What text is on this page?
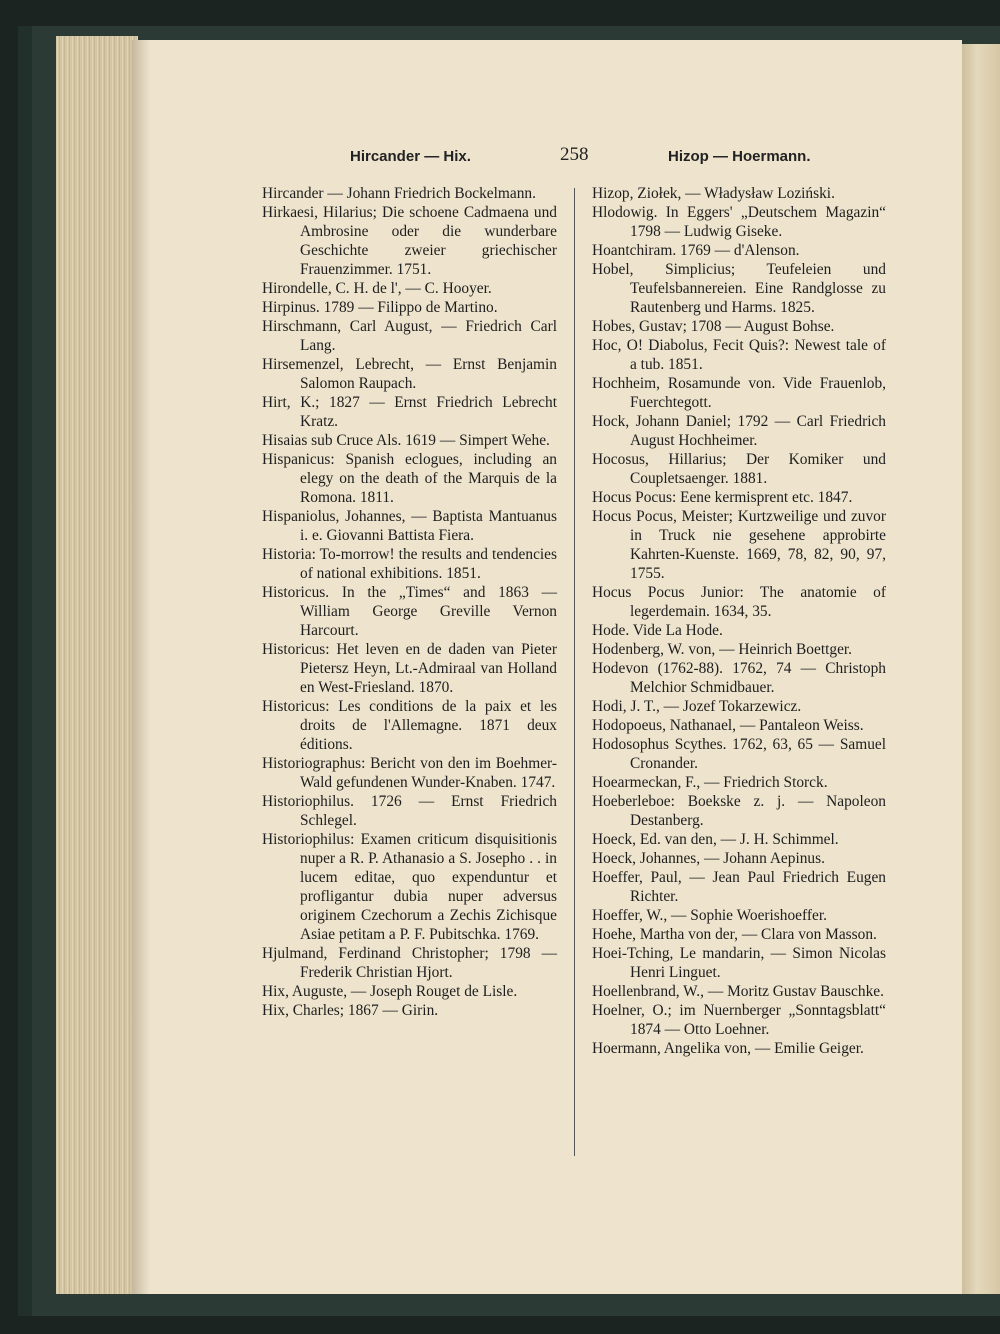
Hircander — Hix.	258	Hizop — Hoermann.
Hircander — Johann Friedrich Bockelmann.
Hirkaesi, Hilarius; Die schoene Cadmaena und Ambrosine oder die wunderbare Geschichte zweier griechischer Frauenzimmer. 1751.
Hirondelle, C. H. de l', — C. Hooyer.
Hirpinus. 1789 — Filippo de Martino.
Hirschmann, Carl August, — Friedrich Carl Lang.
Hirsemenzel, Lebrecht, — Ernst Benjamin Salomon Raupach.
Hirt, K.; 1827 — Ernst Friedrich Lebrecht Kratz.
Hisaias sub Cruce Als. 1619 — Simpert Wehe.
Hispanicus: Spanish eclogues, including an elegy on the death of the Marquis de la Romona. 1811.
Hispaniolus, Johannes, — Baptista Mantuanus i. e. Giovanni Battista Fiera.
Historia: To-morrow! the results and tendencies of national exhibitions. 1851.
Historicus. In the „Times“ and 1863 — William George Greville Vernon Harcourt.
Historicus: Het leven en de daden van Pieter Pietersz Heyn, Lt.-Admiraal van Holland en West-Friesland. 1870.
Historicus: Les conditions de la paix et les droits de l'Allemagne. 1871 deux éditions.
Historiographus: Bericht von den im Boehmer-Wald gefundenen Wunder-Knaben. 1747.
Historiophilus. 1726 — Ernst Friedrich Schlegel.
Historiophilus: Examen criticum disquisitionis nuper a R. P. Athanasio a S. Josepho . . in lucem editae, quo expenduntur et profligantur dubia nuper adversus originem Czechorum a Zechis Zichisque Asiae petitam a P. F. Pubitschka. 1769.
Hjulmand, Ferdinand Christopher; 1798 — Frederik Christian Hjort.
Hix, Auguste, — Joseph Rouget de Lisle.
Hix, Charles; 1867 — Girin.
Hizop, Ziołek, — Władysław Loziński.
Hlodowig. In Eggers' „Deutschem Magazin“ 1798 — Ludwig Giseke.
Hoantchiram. 1769 — d'Alenson.
Hobel, Simplicius; Teufeleien und Teufelsbannereien. Eine Randglosse zu Rautenberg und Harms. 1825.
Hobes, Gustav; 1708 — August Bohse.
Hoc, O! Diabolus, Fecit Quis?: Newest tale of a tub. 1851.
Hochheim, Rosamunde von. Vide Frauenlob, Fuerchtegott.
Hock, Johann Daniel; 1792 — Carl Friedrich August Hochheimer.
Hocosus, Hillarius; Der Komiker und Coupletsaenger. 1881.
Hocus Pocus: Eene kermisprent etc. 1847.
Hocus Pocus, Meister; Kurtzweilige und zuvor in Truck nie gesehene approbirte Kahrten-Kuenste. 1669, 78, 82, 90, 97, 1755.
Hocus Pocus Junior: The anatomie of legerdemain. 1634, 35.
Hode. Vide La Hode.
Hodenberg, W. von, — Heinrich Boettger.
Hodevon (1762-88). 1762, 74 — Christoph Melchior Schmidbauer.
Hodi, J. T., — Jozef Tokarzewicz.
Hodopoeus, Nathanael, — Pantaleon Weiss.
Hodosophus Scythes. 1762, 63, 65 — Samuel Cronander.
Hoearmeckan, F., — Friedrich Storck.
Hoeberleboe: Boekske z. j. — Napoleon Destanberg.
Hoeck, Ed. van den, — J. H. Schimmel.
Hoeck, Johannes, — Johann Aepinus.
Hoeffer, Paul, — Jean Paul Friedrich Eugen Richter.
Hoeffer, W., — Sophie Woerishoeffer.
Hoehe, Martha von der, — Clara von Masson.
Hoei-Tching, Le mandarin, — Simon Nicolas Henri Linguet.
Hoellenbrand, W., — Moritz Gustav Bauschke.
Hoelner, O.; im Nuernberger „Sonntagsblatt“ 1874 — Otto Loehner.
Hoermann, Angelika von, — Emilie Geiger.
